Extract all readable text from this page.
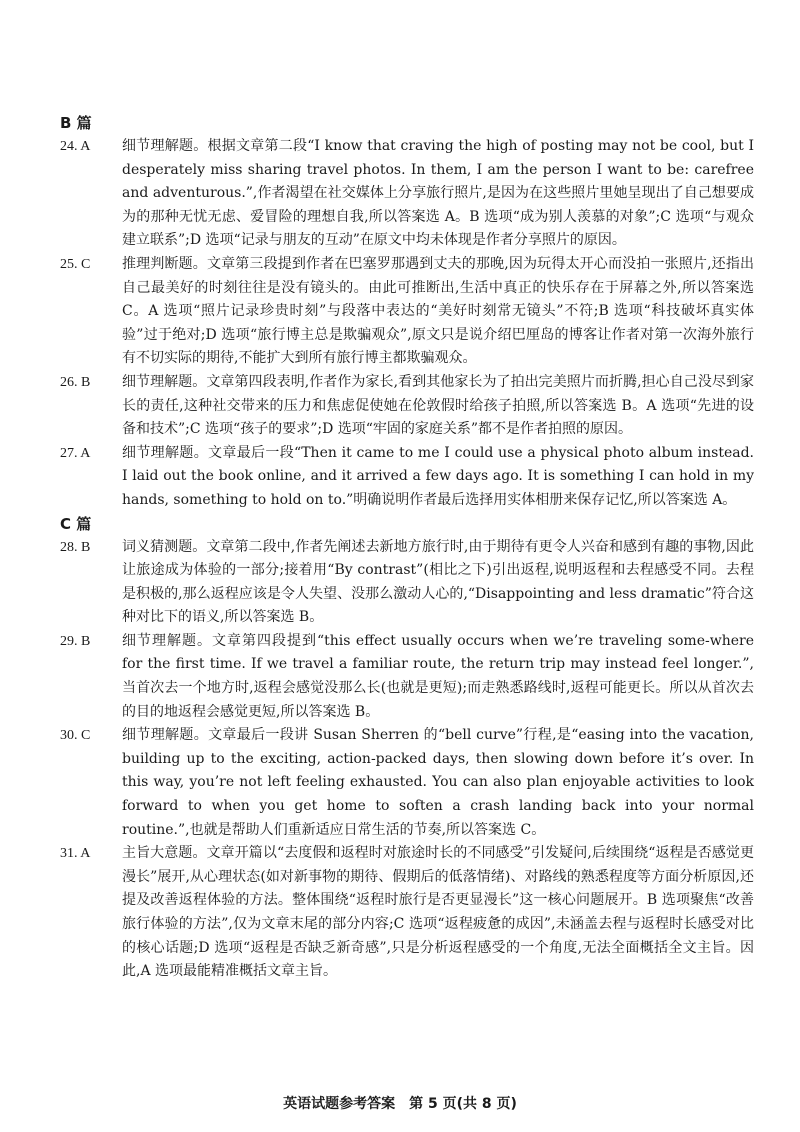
B 篇
24. A	细节理解题。根据文章第二段“I know that craving the high of posting may not be cool, but I desperately miss sharing travel photos. In them, I am the person I want to be: carefree and adventurous.”,作者渴望在社交媒体上分享旅行照片,是因为在这些照片里她呈现出了自己想要成为的那种无忧无虑、爱冒险的理想自我,所以答案选 A。B 选项“成为别人羡慕的对象”;C 选项“与观众建立联系”;D 选项“记录与朋友的互动”在原文中均未体现是作者分享照片的原因。
25. C	推理判断题。文章第三段提到作者在巴塞罗那遇到丈夫的那晚,因为玩得太开心而没拍一张照片,还指出自己最美好的时刻往往是没有镜头的。由此可推断出,生活中真正的快乐存在于屏幕之外,所以答案选 C。A 选项“照片记录珍贵时刻”与段落中表达的“美好时刻常无镜头”不符;B 选项“科技破坏真实体验”过于绝对;D 选项“旅行博主总是欺骗观众”,原文只是说介绍巴厘岛的博客让作者对第一次海外旅行有不切实际的期待,不能扩大到所有旅行博主都欺骗观众。
26. B	细节理解题。文章第四段表明,作者作为家长,看到其他家长为了拍出完美照片而折腾,担心自己没尽到家长的责任,这种社交带来的压力和焦虑促使她在伦敦假时给孩子拍照,所以答案选 B。A 选项“先进的设备和技术”;C 选项“孩子的要求”;D 选项“牢固的家庭关系”都不是作者拍照的原因。
27. A	细节理解题。文章最后一段“Then it came to me I could use a physical photo album instead. I laid out the book online, and it arrived a few days ago. It is something I can hold in my hands, something to hold on to.”明确说明作者最后选择用实体相册来保存记忆,所以答案选 A。
C 篇
28. B	词义猜测题。文章第二段中,作者先阐述去新地方旅行时,由于期待有更令人兴奋和感到有趣的事物,因此让旅途成为体验的一部分;接着用“By contrast”(相比之下)引出返程,说明返程和去程感受不同。去程是积极的,那么返程应该是令人失望、没那么激动人心的,“Disappointing and less dramatic”符合这种对比下的语义,所以答案选 B。
29. B	细节理解题。文章第四段提到“this effect usually occurs when we’re traveling some-where for the first time. If we travel a familiar route, the return trip may instead feel longer.”,当首次去一个地方时,返程会感觉没那么长(也就是更短);而走熟悉路线时,返程可能更长。所以从首次去的目的地返程会感觉更短,所以答案选 B。
30. C	细节理解题。文章最后一段讲 Susan Sherren 的“bell curve”行程,是“easing into the vacation, building up to the exciting, action-packed days, then slowing down before it’s over. In this way, you’re not left feeling exhausted. You can also plan enjoyable activities to look forward to when you get home to soften a crash landing back into your normal routine.”,也就是帮助人们重新适应日常生活的节奏,所以答案选 C。
31. A	主旨大意题。文章开篇以“去度假和返程时对旅途时长的不同感受”引发疑问,后续围绕“返程是否感觉更漫长”展开,从心理状态(如对新事物的期待、假期后的低落情绪)、对路线的熟悉程度等方面分析原因,还提及改善返程体验的方法。整体围绕“返程时旅行是否更显漫长”这一核心问题展开。B 选项聚焦“改善旅行体验的方法”,仅为文章末尾的部分内容;C 选项“返程疲惫的成因”,未涵盖去程与返程时长感受对比的核心话题;D 选项“返程是否缺乏新奇感”,只是分析返程感受的一个角度,无法全面概括全文主旨。因此,A 选项最能精准概括文章主旨。
英语试题参考答案　第 5 页(共 8 页)
